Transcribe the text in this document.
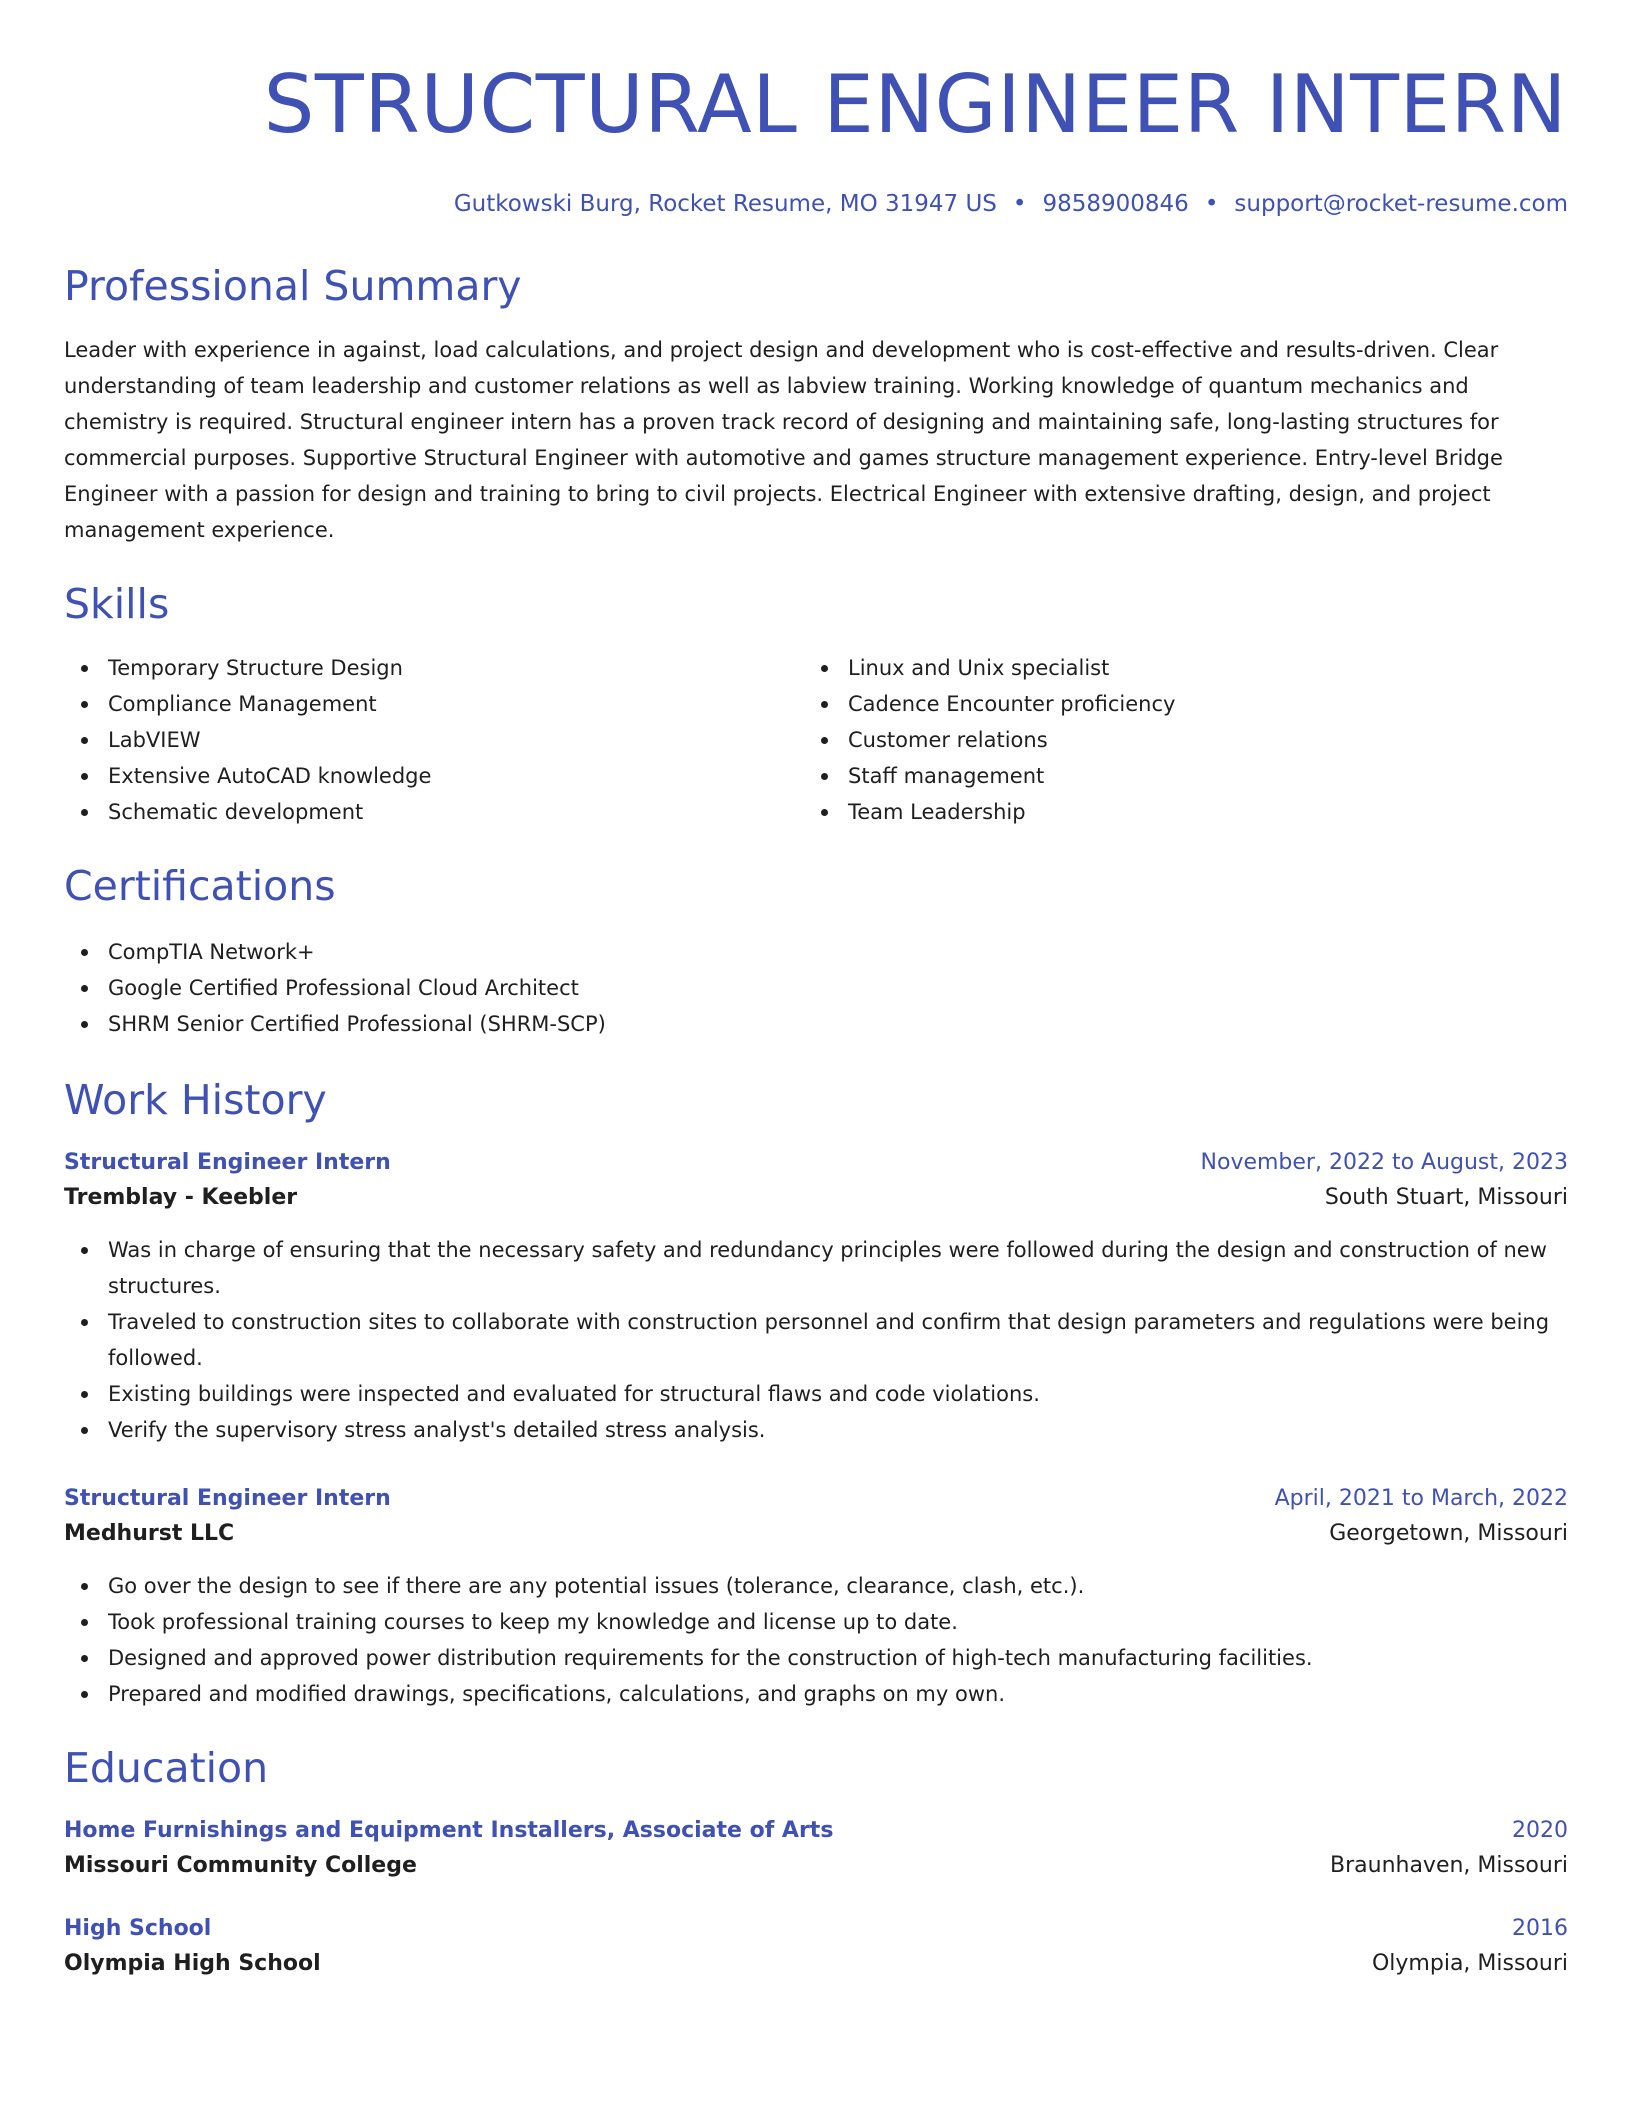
STRUCTURAL ENGINEER INTERN
Gutkowski Burg, Rocket Resume, MO 31947 US • 9858900846 • support@rocket-resume.com
Professional Summary

Leader with experience in against, load calculations, and project design and development who is cost-effective and results-driven. Clear understanding of team leadership and customer relations as well as labview training. Working knowledge of quantum mechanics and chemistry is required. Structural engineer intern has a proven track record of designing and maintaining safe, long-lasting structures for commercial purposes. Supportive Structural Engineer with automotive and games structure management experience. Entry-level Bridge Engineer with a passion for design and training to bring to civil projects. Electrical Engineer with extensive drafting, design, and project management experience.

Skills
Temporary Structure Design
Compliance Management
LabVIEW
Extensive AutoCAD knowledge
Schematic development
Linux and Unix specialist
Cadence Encounter proficiency
Customer relations
Staff management
Team Leadership
Certifications
CompTIA Network+
Google Certified Professional Cloud Architect
SHRM Senior Certified Professional (SHRM-SCP)
Work History
Structural Engineer Intern	November, 2022 to August, 2023
Tremblay - Keebler	South Stuart, Missouri
Was in charge of ensuring that the necessary safety and redundancy principles were followed during the design and construction of new structures.
Traveled to construction sites to collaborate with construction personnel and confirm that design parameters and regulations were being followed.
Existing buildings were inspected and evaluated for structural flaws and code violations.
Verify the supervisory stress analyst's detailed stress analysis.
Structural Engineer Intern	April, 2021 to March, 2022
Medhurst LLC	Georgetown, Missouri
Go over the design to see if there are any potential issues (tolerance, clearance, clash, etc.).
Took professional training courses to keep my knowledge and license up to date.
Designed and approved power distribution requirements for the construction of high-tech manufacturing facilities.
Prepared and modified drawings, specifications, calculations, and graphs on my own.
Education
Home Furnishings and Equipment Installers, Associate of Arts	2020
Missouri Community College	Braunhaven, Missouri
High School	2016
Olympia High School	Olympia, Missouri
